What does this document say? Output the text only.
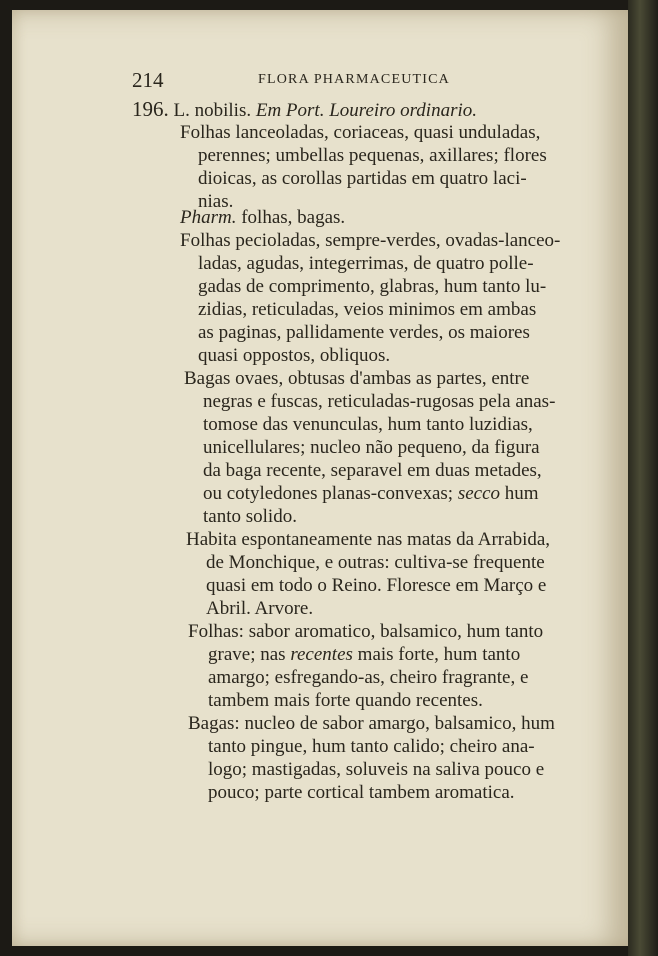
214	FLORA PHARMACEUTICA
196. L. nobilis. Em Port. Loureiro ordinario.
Folhas lanceoladas, coriaceas, quasi unduladas,
perennes; umbellas pequenas, axillares; flores
dioicas, as corollas partidas em quatro laci-
nias.
Pharm. folhas, bagas.
Folhas pecioladas, sempre-verdes, ovadas-lanceo-
ladas, agudas, integerrimas, de quatro polle-
gadas de comprimento, glabras, hum tanto lu-
zidias, reticuladas, veios minimos em ambas
as paginas, pallidamente verdes, os maiores
quasi oppostos, obliquos.
Bagas ovaes, obtusas d'ambas as partes, entre
negras e fuscas, reticuladas-rugosas pela anas-
tomose das venunculas, hum tanto luzidias,
unicellulares; nucleo não pequeno, da figura
da baga recente, separavel em duas metades,
ou cotyledones planas-convexas; secco hum
tanto solido.
Habita espontaneamente nas matas da Arrabida,
de Monchique, e outras: cultiva-se frequente
quasi em todo o Reino. Floresce em Março e
Abril. Arvore.
Folhas: sabor aromatico, balsamico, hum tanto
grave; nas recentes mais forte, hum tanto
amargo; esfregando-as, cheiro fragrante, e
tambem mais forte quando recentes.
Bagas: nucleo de sabor amargo, balsamico, hum
tanto pingue, hum tanto calido; cheiro ana-
logo; mastigadas, soluveis na saliva pouco e
pouco; parte cortical tambem aromatica.
